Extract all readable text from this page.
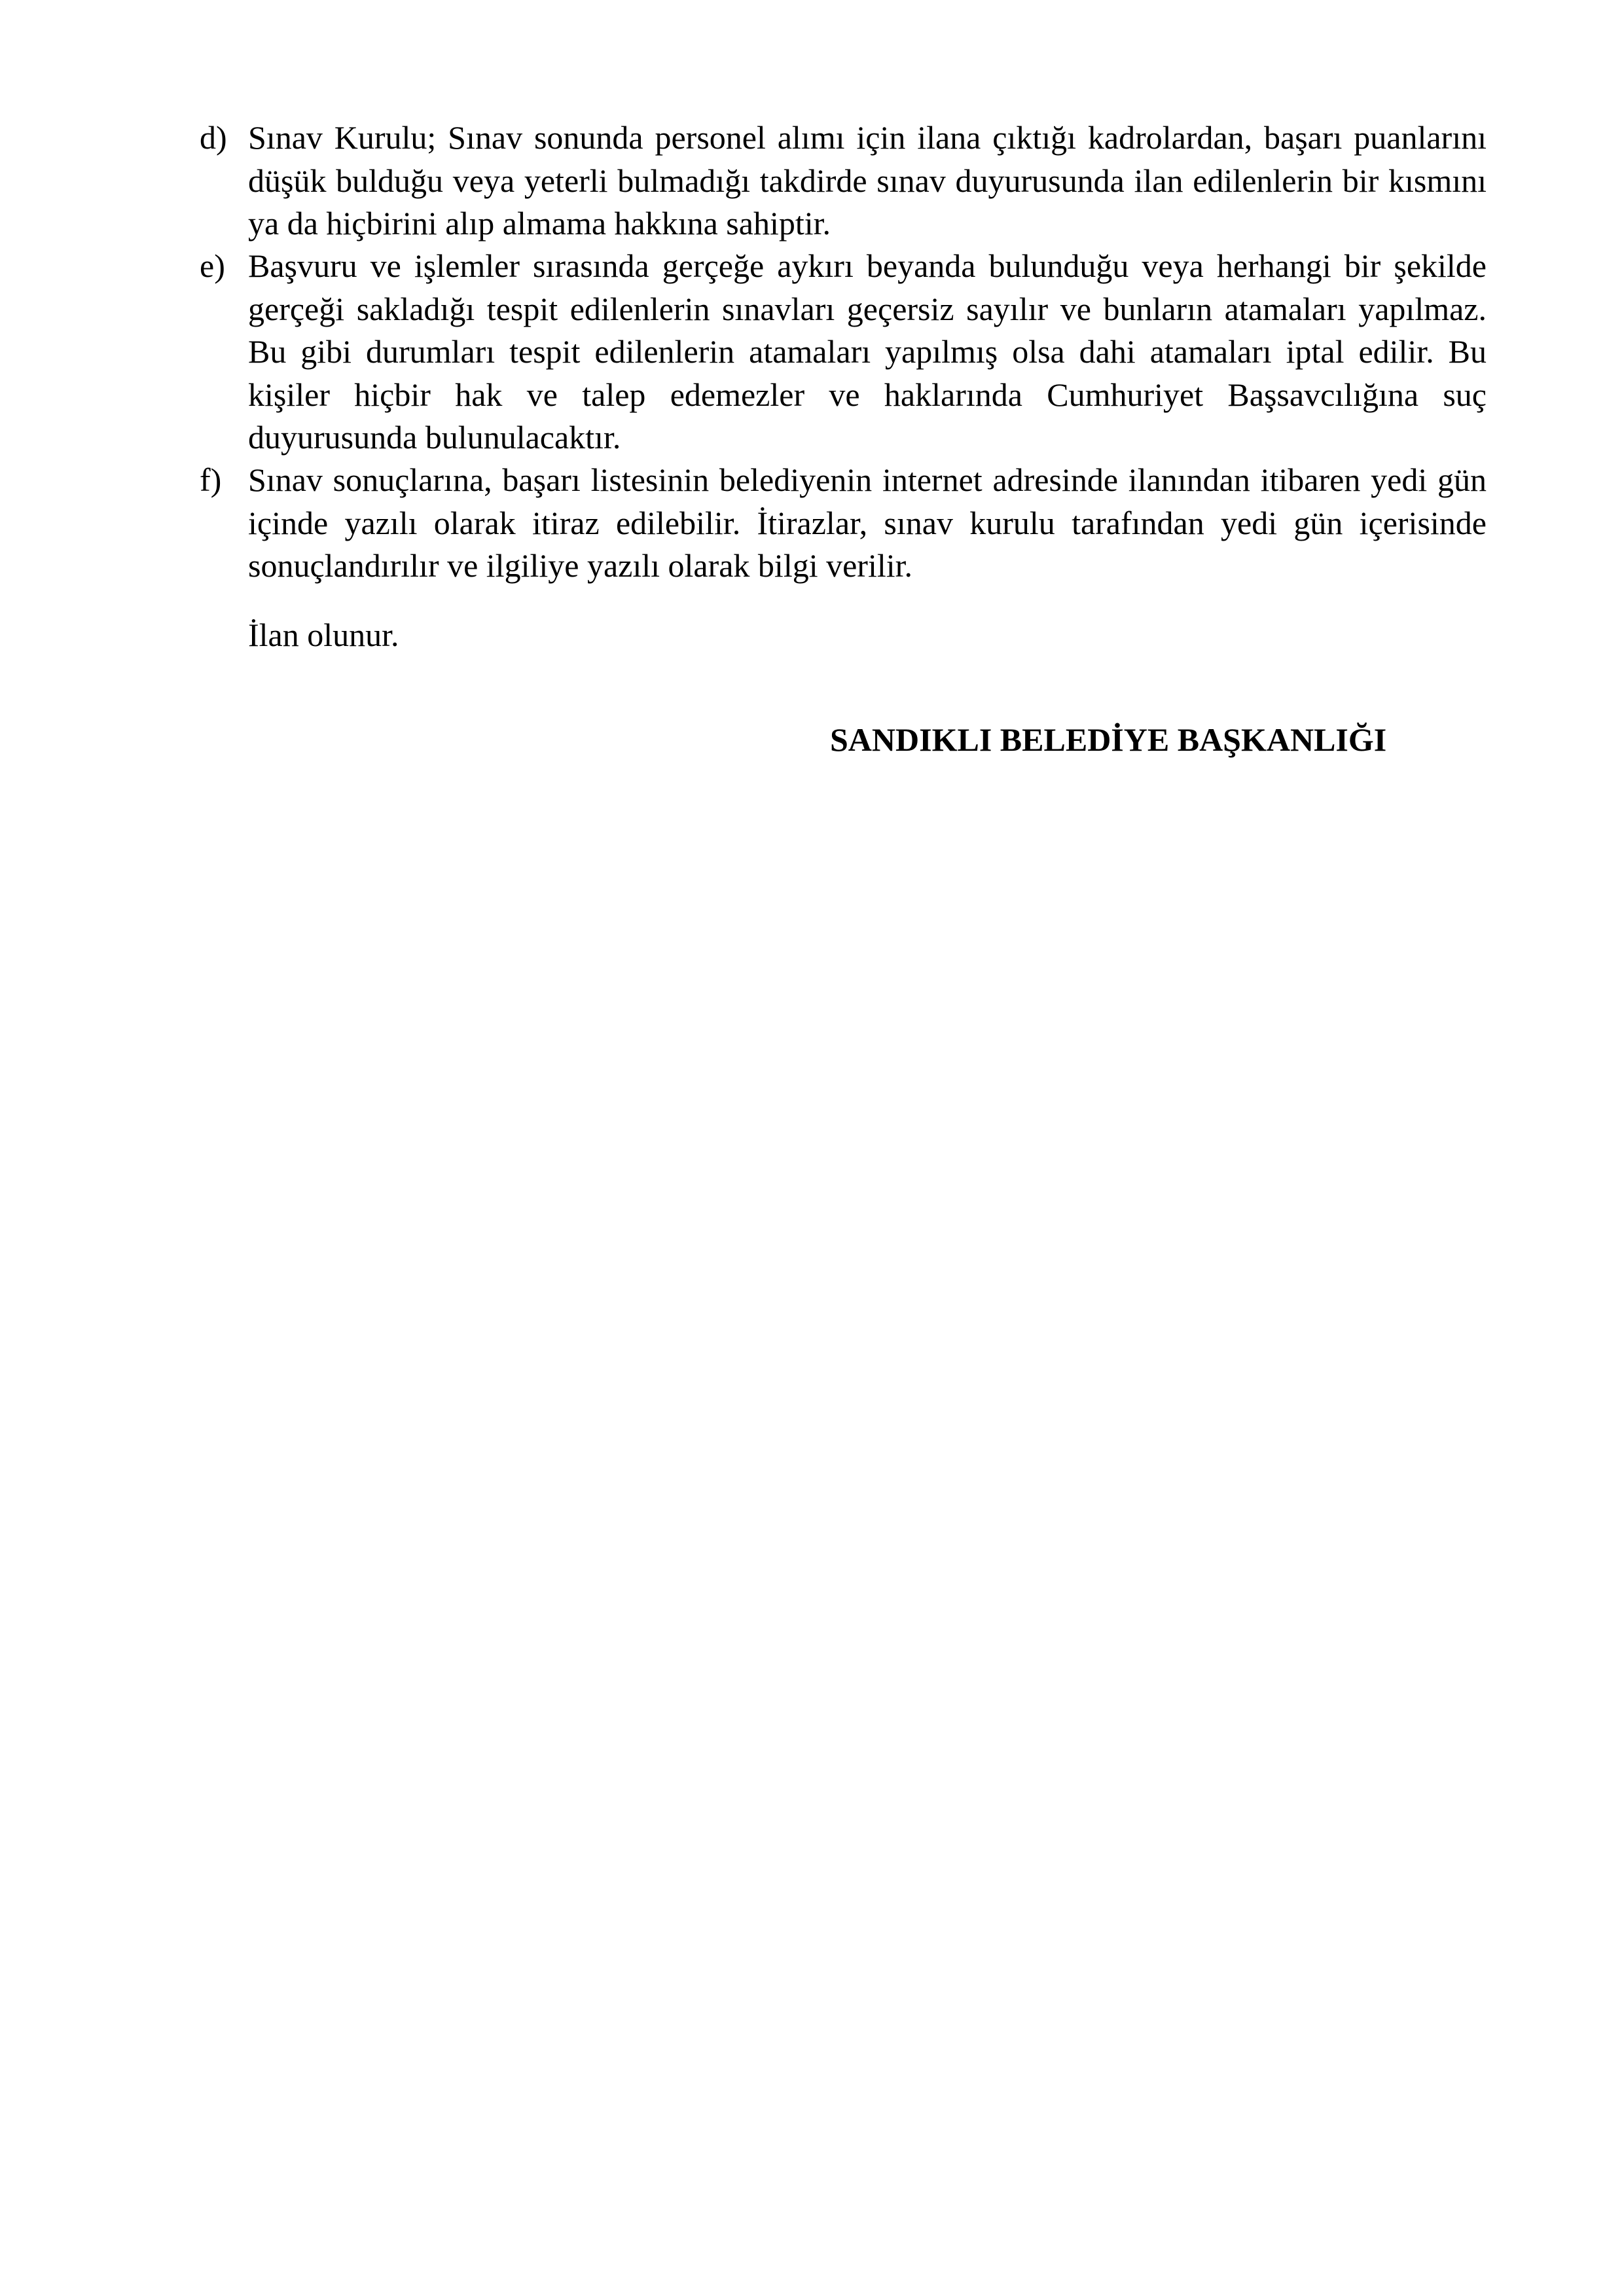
d) Sınav Kurulu; Sınav sonunda personel alımı için ilana çıktığı kadrolardan, başarı puanlarını
düşük bulduğu veya yeterli bulmadığı takdirde sınav duyurusunda ilan edilenlerin bir kısmını
ya da hiçbirini alıp almama hakkına sahiptir.
e) Başvuru ve işlemler sırasında gerçeğe aykırı beyanda bulunduğu veya herhangi bir şekilde
gerçeği sakladığı tespit edilenlerin sınavları geçersiz sayılır ve bunların atamaları yapılmaz.
Bu gibi durumları tespit edilenlerin atamaları yapılmış olsa dahi atamaları iptal edilir. Bu
kişiler hiçbir hak ve talep edemezler ve haklarında Cumhuriyet Başsavcılığına suç
duyurusunda bulunulacaktır.
f) Sınav sonuçlarına, başarı listesinin belediyenin internet adresinde ilanından itibaren yedi gün
içinde yazılı olarak itiraz edilebilir. İtirazlar, sınav kurulu tarafından yedi gün içerisinde
sonuçlandırılır ve ilgiliye yazılı olarak bilgi verilir.
İlan olunur.
SANDIKLI BELEDİYE BAŞKANLIĞI
